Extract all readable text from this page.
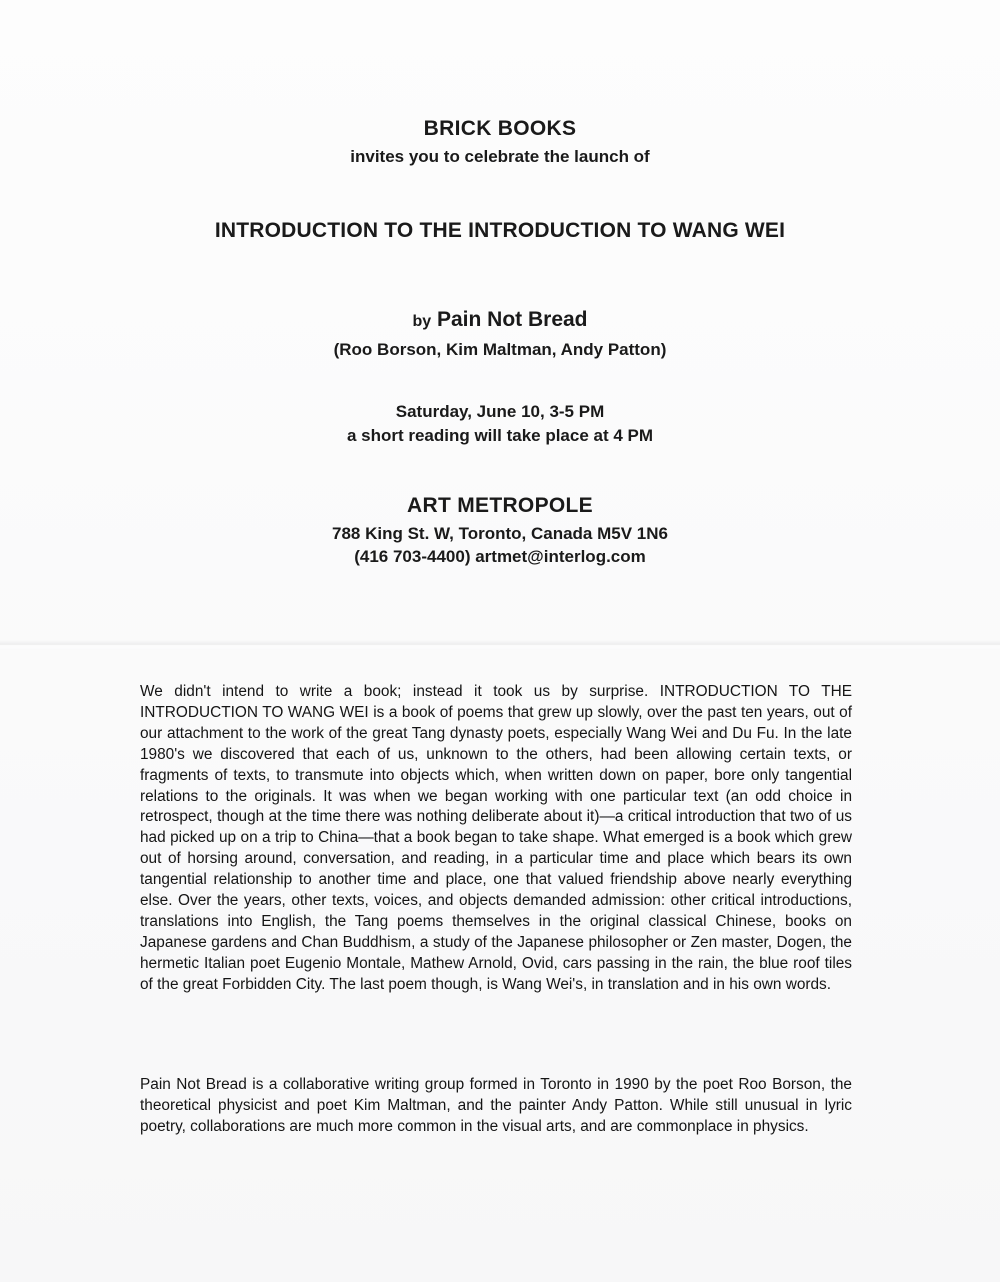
BRICK BOOKS
invites you to celebrate the launch of
INTRODUCTION TO THE INTRODUCTION TO WANG WEI
by Pain Not Bread
(Roo Borson, Kim Maltman, Andy Patton)
Saturday, June 10, 3-5 PM
a short reading will take place at 4 PM
ART METROPOLE
788 King St. W, Toronto, Canada M5V 1N6
(416 703-4400) artmet@interlog.com
We didn't intend to write a book; instead it took us by surprise. INTRODUCTION TO THE INTRODUCTION TO WANG WEI is a book of poems that grew up slowly, over the past ten years, out of our attachment to the work of the great Tang dynasty poets, especially Wang Wei and Du Fu. In the late 1980's we discovered that each of us, unknown to the others, had been allowing certain texts, or fragments of texts, to transmute into objects which, when written down on paper, bore only tangential relations to the originals. It was when we began working with one particular text (an odd choice in retrospect, though at the time there was nothing deliberate about it)—a critical introduction that two of us had picked up on a trip to China—that a book began to take shape. What emerged is a book which grew out of horsing around, conversation, and reading, in a particular time and place which bears its own tangential relationship to another time and place, one that valued friendship above nearly everything else. Over the years, other texts, voices, and objects demanded admission: other critical introductions, translations into English, the Tang poems themselves in the original classical Chinese, books on Japanese gardens and Chan Buddhism, a study of the Japanese philosopher or Zen master, Dogen, the hermetic Italian poet Eugenio Montale, Mathew Arnold, Ovid, cars passing in the rain, the blue roof tiles of the great Forbidden City. The last poem though, is Wang Wei's, in translation and in his own words.
Pain Not Bread is a collaborative writing group formed in Toronto in 1990 by the poet Roo Borson, the theoretical physicist and poet Kim Maltman, and the painter Andy Patton. While still unusual in lyric poetry, collaborations are much more common in the visual arts, and are commonplace in physics.
